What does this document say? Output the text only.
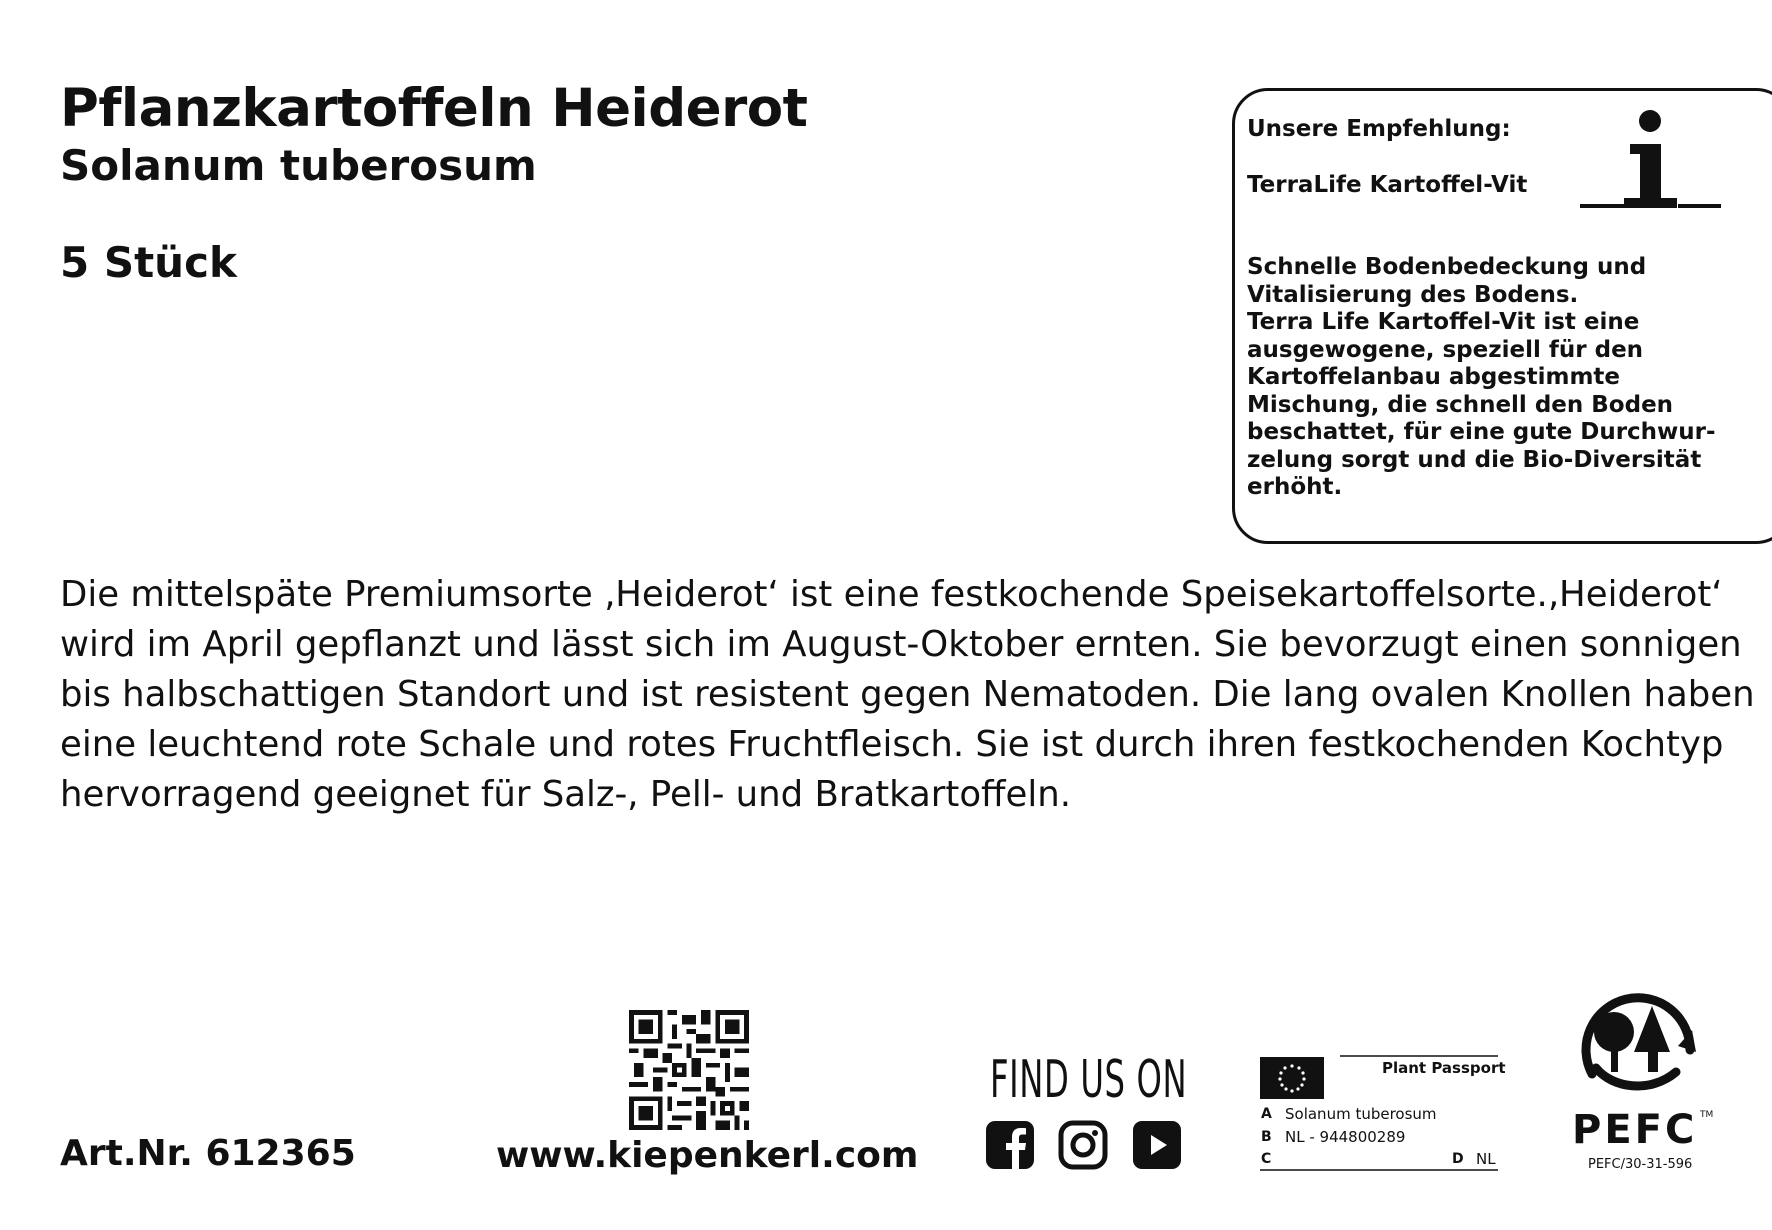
Pflanzkartoffeln Heiderot
Solanum tuberosum
5 Stück
Unsere Empfehlung:
TerraLife Kartoffel-Vit
Schnelle Bodenbedeckung und
Vitalisierung des Bodens.
Terra Life Kartoffel-Vit ist eine
ausgewogene, speziell für den
Kartoffelanbau abgestimmte
Mischung, die schnell den Boden
beschattet, für eine gute Durchwur-
zelung sorgt und die Bio-Diversität
erhöht.
Die mittelspäte Premiumsorte ‚Heiderot‘ ist eine festkochende Speisekartoffelsorte.‚Heiderot‘
wird im April gepflanzt und lässt sich im August-Oktober ernten. Sie bevorzugt einen sonnigen
bis halbschattigen Standort und ist resistent gegen Nematoden. Die lang ovalen Knollen haben
eine leuchtend rote Schale und rotes Fruchtfleisch. Sie ist durch ihren festkochenden Kochtyp
hervorragend geeignet für Salz-, Pell- und Bratkartoffeln.
Art.Nr. 612365	www.kiepenkerl.com
FIND US ON	Plant Passport
A Solanum tuberosum
B NL - 944800289
C	D NL
PEFC TM
PEFC/30-31-596
